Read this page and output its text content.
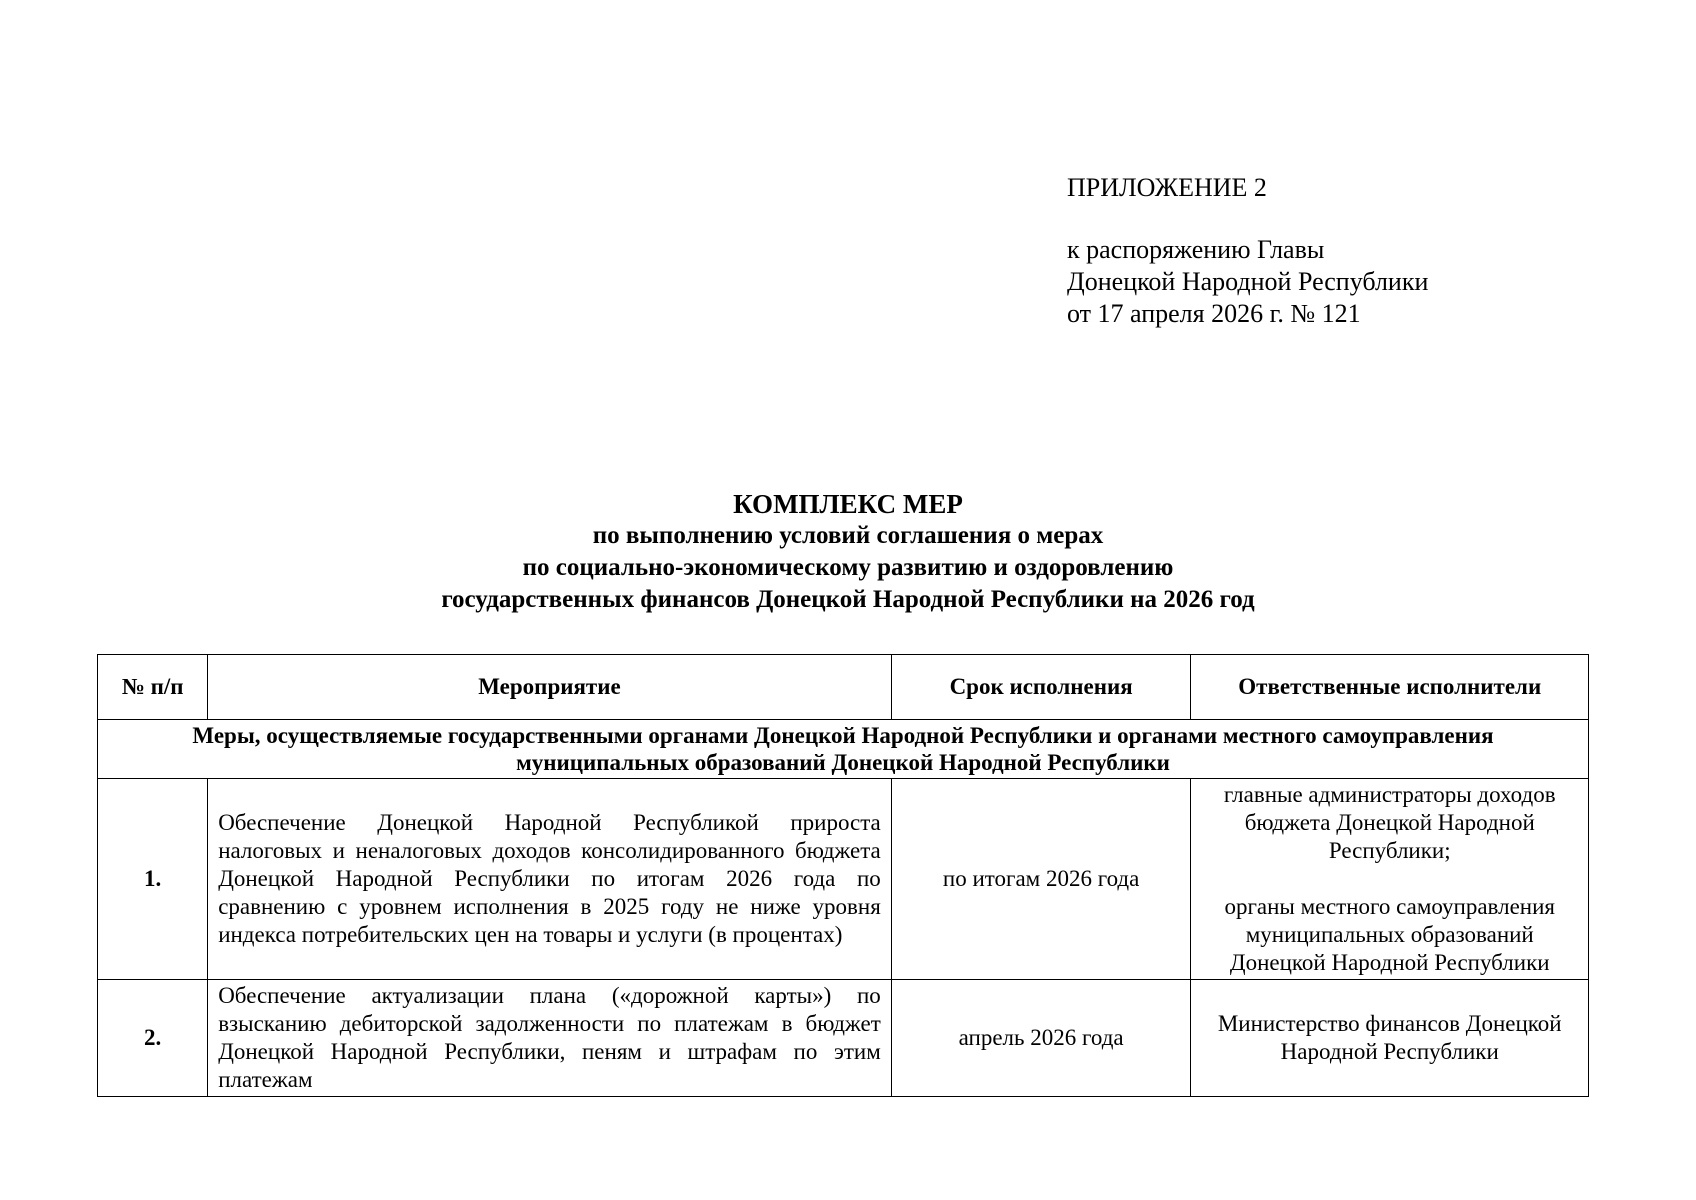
ПРИЛОЖЕНИЕ 2
к распоряжению Главы
Донецкой Народной Республики
от 17 апреля 2026 г. № 121
КОМПЛЕКС МЕР
по выполнению условий соглашения о мерах
по социально-экономическому развитию и оздоровлению
государственных финансов Донецкой Народной Республики на 2026 год
№ п/п	Мероприятие	Срок исполнения	Ответственные исполнители
Меры, осуществляемые государственными органами Донецкой Народной Республики и органами местного самоуправления муниципальных образований Донецкой Народной Республики			
1.	Обеспечение Донецкой Народной Республикой прироста налоговых и неналоговых доходов консолидированного бюджета Донецкой Народной Республики по итогам 2026 года по сравнению с уровнем исполнения в 2025 году не ниже уровня индекса потребительских цен на товары и услуги (в процентах)	по итогам 2026 года	главные администраторы доходов бюджета Донецкой Народной Республики;
органы местного самоуправления муниципальных образований Донецкой Народной Республики

2.	Обеспечение актуализации плана («дорожной карты») по взысканию дебиторской задолженности по платежам в бюджет Донецкой Народной Республики, пеням и штрафам по этим платежам	апрель 2026 года	Министерство финансов Донецкой Народной Республики
